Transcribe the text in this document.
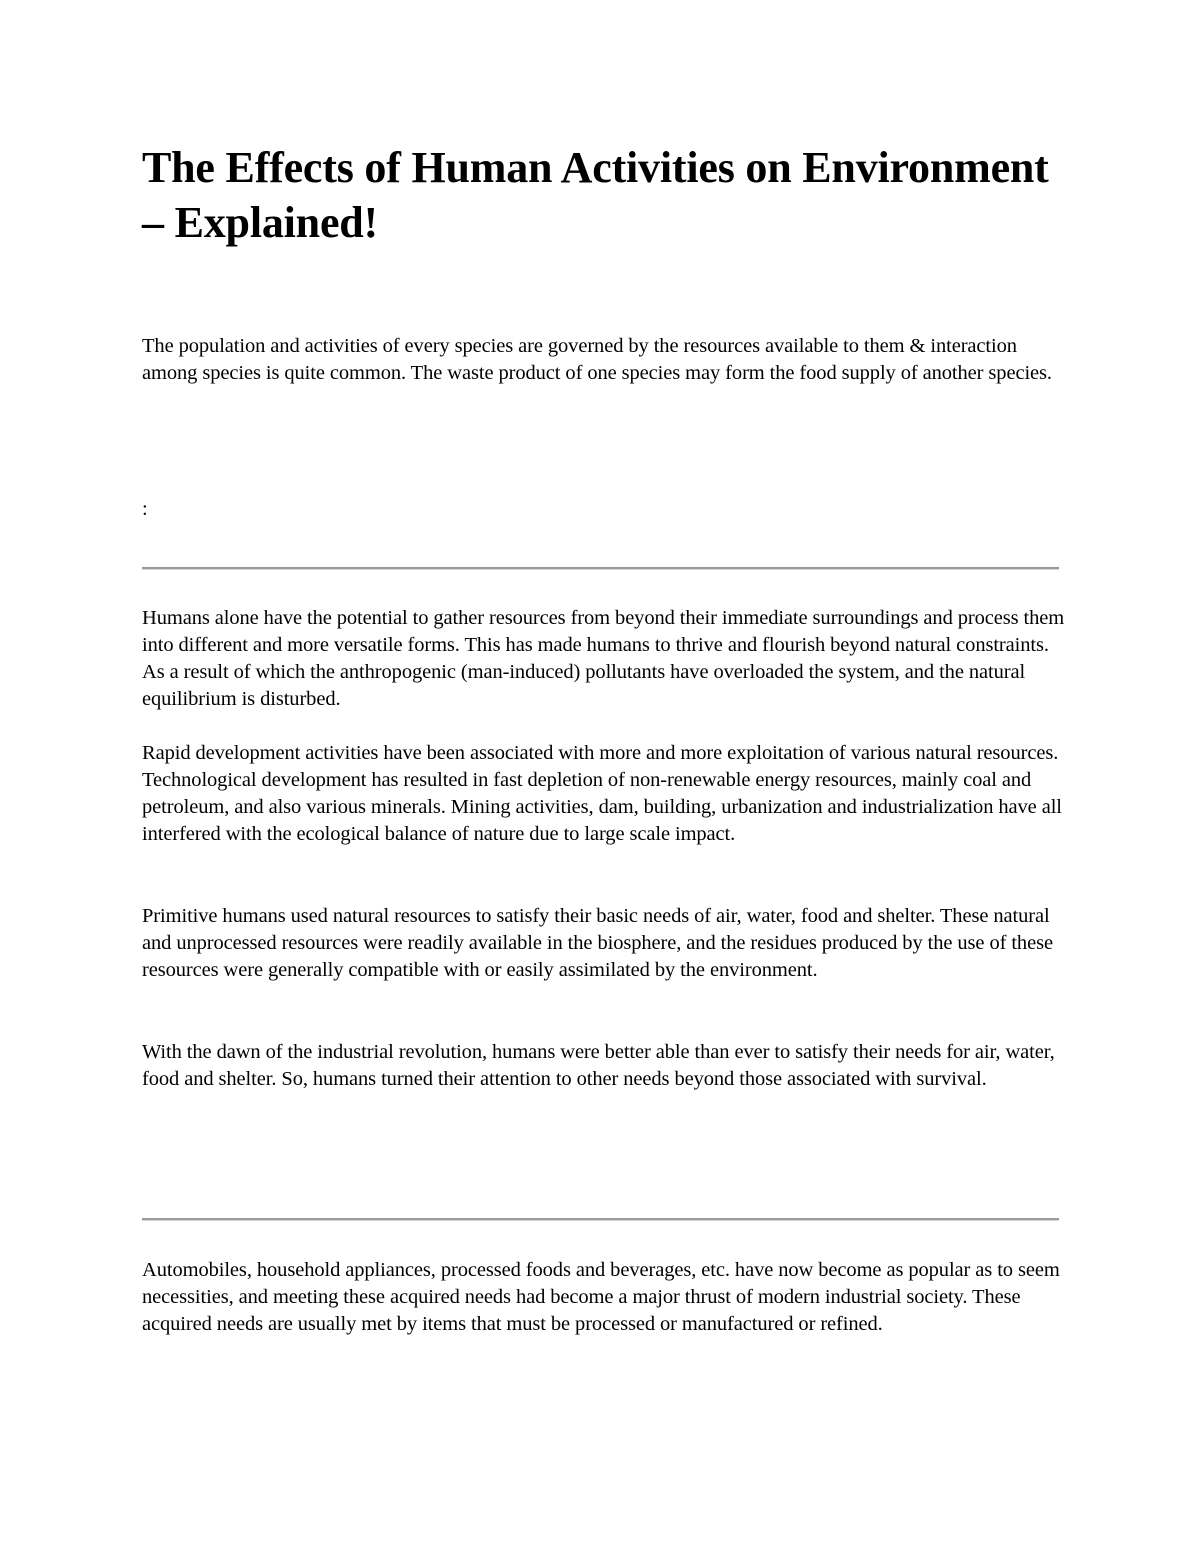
The Effects of Human Activities on Environment – Explained!

The population and activities of every species are governed by the resources available to them & interaction among species is quite common. The waste product of one species may form the food supply of another species.

:

Humans alone have the potential to gather resources from beyond their immediate surroundings and process them into different and more versatile forms. This has made humans to thrive and flourish beyond natural constraints. As a result of which the anthropogenic (man-induced) pollutants have overloaded the system, and the natural equilibrium is disturbed.

Rapid development activities have been associated with more and more exploitation of various natural resources. Technological development has resulted in fast depletion of non-renewable energy resources, mainly coal and petroleum, and also various minerals. Mining activities, dam, building, urbanization and industrialization have all interfered with the ecological balance of nature due to large scale impact.

Primitive humans used natural resources to satisfy their basic needs of air, water, food and shelter. These natural and unprocessed resources were readily available in the biosphere, and the residues produced by the use of these resources were generally compatible with or easily assimilated by the environment.

With the dawn of the industrial revolution, humans were better able than ever to satisfy their needs for air, water, food and shelter. So, humans turned their attention to other needs beyond those associated with survival.

Automobiles, household appliances, processed foods and beverages, etc. have now become as popular as to seem necessities, and meeting these acquired needs had become a major thrust of modern industrial society. These acquired needs are usually met by items that must be processed or manufactured or refined.
